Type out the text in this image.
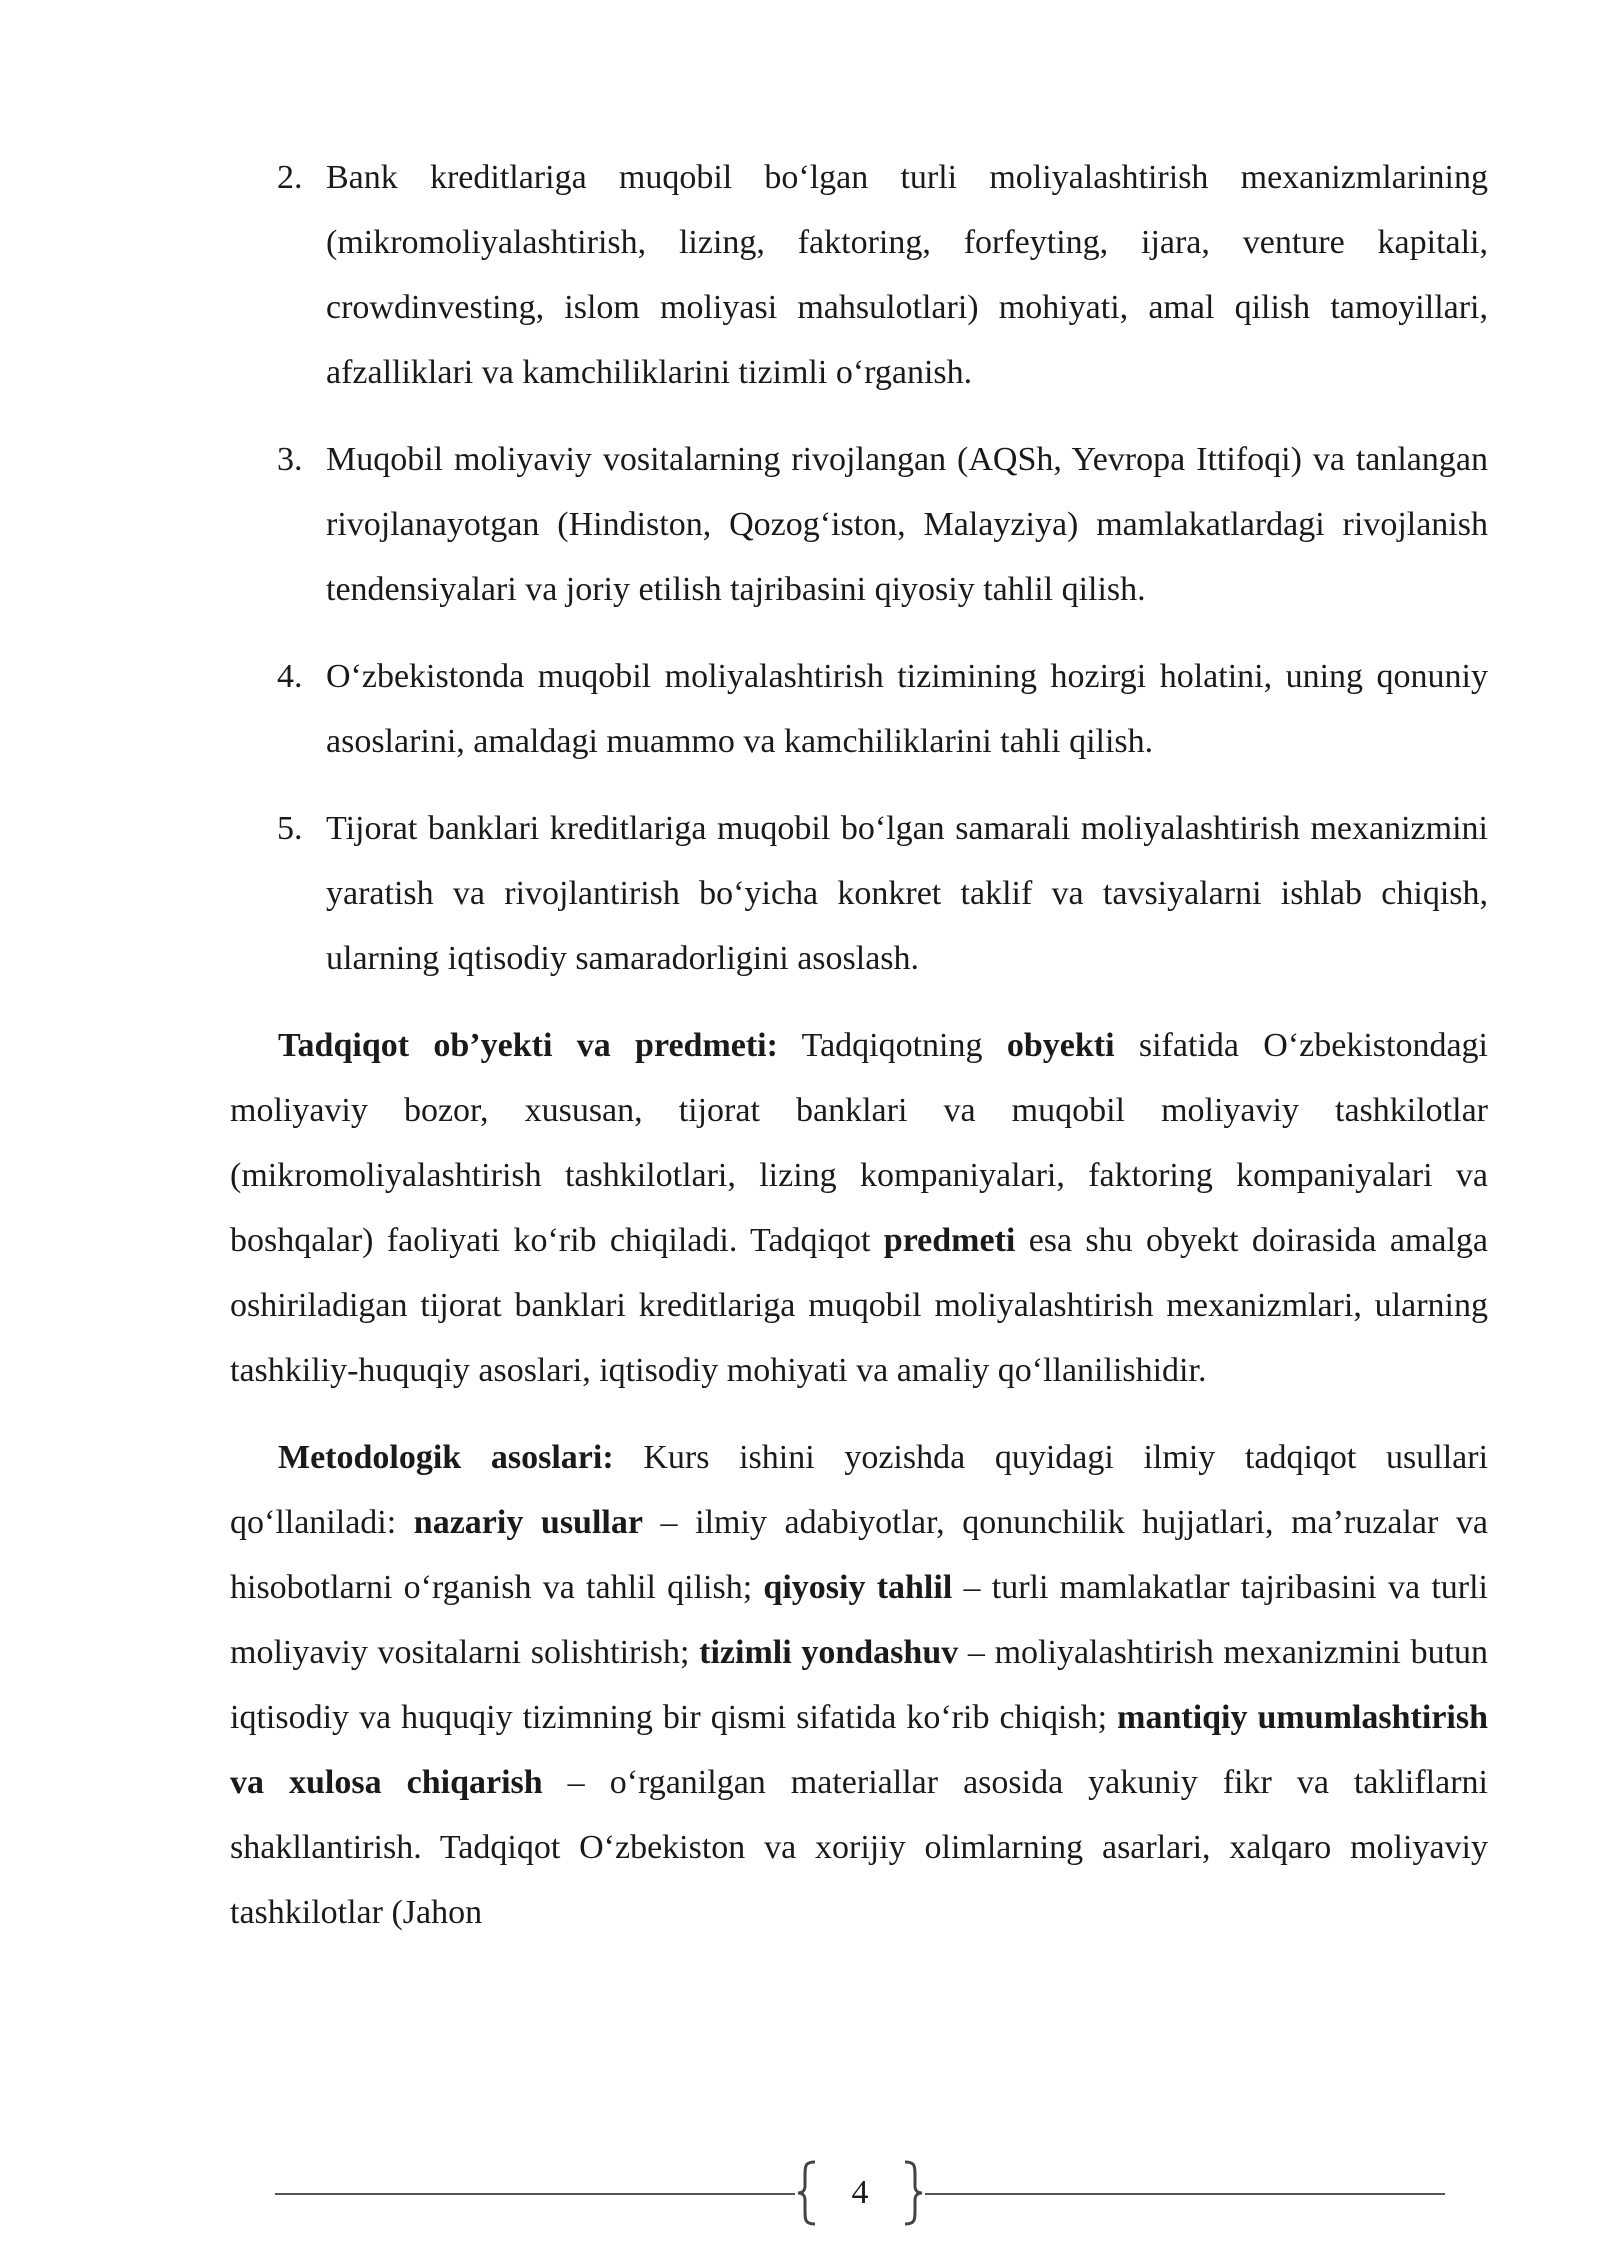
2. Bank kreditlariga muqobil bo‘lgan turli moliyalashtirish mexanizmlarining (mikromoliyalashtirish, lizing, faktoring, forfeyting, ijara, venture kapitali, crowdinvesting, islom moliyasi mahsulotlari) mohiyati, amal qilish tamoyillari, afzalliklari va kamchiliklarini tizimli o‘rganish.
3. Muqobil moliyaviy vositalarning rivojlangan (AQSh, Yevropa Ittifoqi) va tanlangan rivojlanayotgan (Hindiston, Qozog‘iston, Malayziya) mamlakatlardagi rivojlanish tendensiyalari va joriy etilish tajribasini qiyosiy tahlil qilish.
4. O‘zbekistonda muqobil moliyalashtirish tizimining hozirgi holatini, uning qonuniy asoslarini, amaldagi muammo va kamchiliklarini tahli qilish.
5. Tijorat banklari kreditlariga muqobil bo‘lgan samarali moliyalashtirish mexanizmini yaratish va rivojlantirish bo‘yicha konkret taklif va tavsiyalarni ishlab chiqish, ularning iqtisodiy samaradorligini asoslash.

Tadqiqot ob’yekti va predmeti: Tadqiqotning obyekti sifatida O‘zbekistondagi moliyaviy bozor, xususan, tijorat banklari va muqobil moliyaviy tashkilotlar (mikromoliyalashtirish tashkilotlari, lizing kompaniyalari, faktoring kompaniyalari va boshqalar) faoliyati ko‘rib chiqiladi. Tadqiqot predmeti esa shu obyekt doirasida amalga oshiriladigan tijorat banklari kreditlariga muqobil moliyalashtirish mexanizmlari, ularning tashkiliy-huquqiy asoslari, iqtisodiy mohiyati va amaliy qo‘llanilishidir.

Metodologik asoslari: Kurs ishini yozishda quyidagi ilmiy tadqiqot usullari qo‘llaniladi: nazariy usullar – ilmiy adabiyotlar, qonunchilik hujjatlari, ma’ruzalar va hisobotlarni o‘rganish va tahlil qilish; qiyosiy tahlil – turli mamlakatlar tajribasini va turli moliyaviy vositalarni solishtirish; tizimli yondashuv – moliyalashtirish mexanizmini butun iqtisodiy va huquqiy tizimning bir qismi sifatida ko‘rib chiqish; mantiqiy umumlashtirish va xulosa chiqarish – o‘rganilgan materiallar asosida yakuniy fikr va takliflarni shakllantirish. Tadqiqot O‘zbekiston va xorijiy olimlarning asarlari, xalqaro moliyaviy tashkilotlar (Jahon

4
